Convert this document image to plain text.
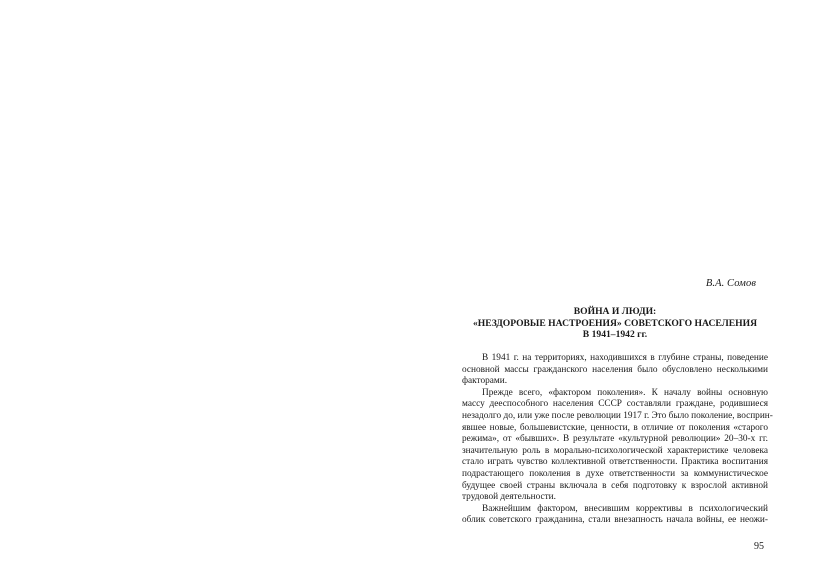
В.А. Сомов
ВОЙНА И ЛЮДИ:
«НЕЗДОРОВЫЕ НАСТРОЕНИЯ» СОВЕТСКОГО НАСЕЛЕНИЯ
В 1941–1942 гг.
В 1941 г. на территориях, находившихся в глубине страны, поведение
основной массы гражданского населения было обусловлено несколькими
факторами.
Прежде всего, «фактором поколения». К началу войны основную
массу дееспособного населения СССР составляли граждане, родившиеся
незадолго до, или уже после революции 1917 г. Это было поколение, восприн-
явшее новые, большевистские, ценности, в отличие от поколения «старого
режима», от «бывших». В результате «культурной революции» 20–30-х гг.
значительную роль в морально-психологической характеристике человека
стало играть чувство коллективной ответственности. Практика воспитания
подрастающего поколения в духе ответственности за коммунистическое
будущее своей страны включала в себя подготовку к взрослой активной
трудовой деятельности.
Важнейшим фактором, внесившим коррективы в психологический
облик советского гражданина, стали внезапность начала войны, ее неожи-
95
